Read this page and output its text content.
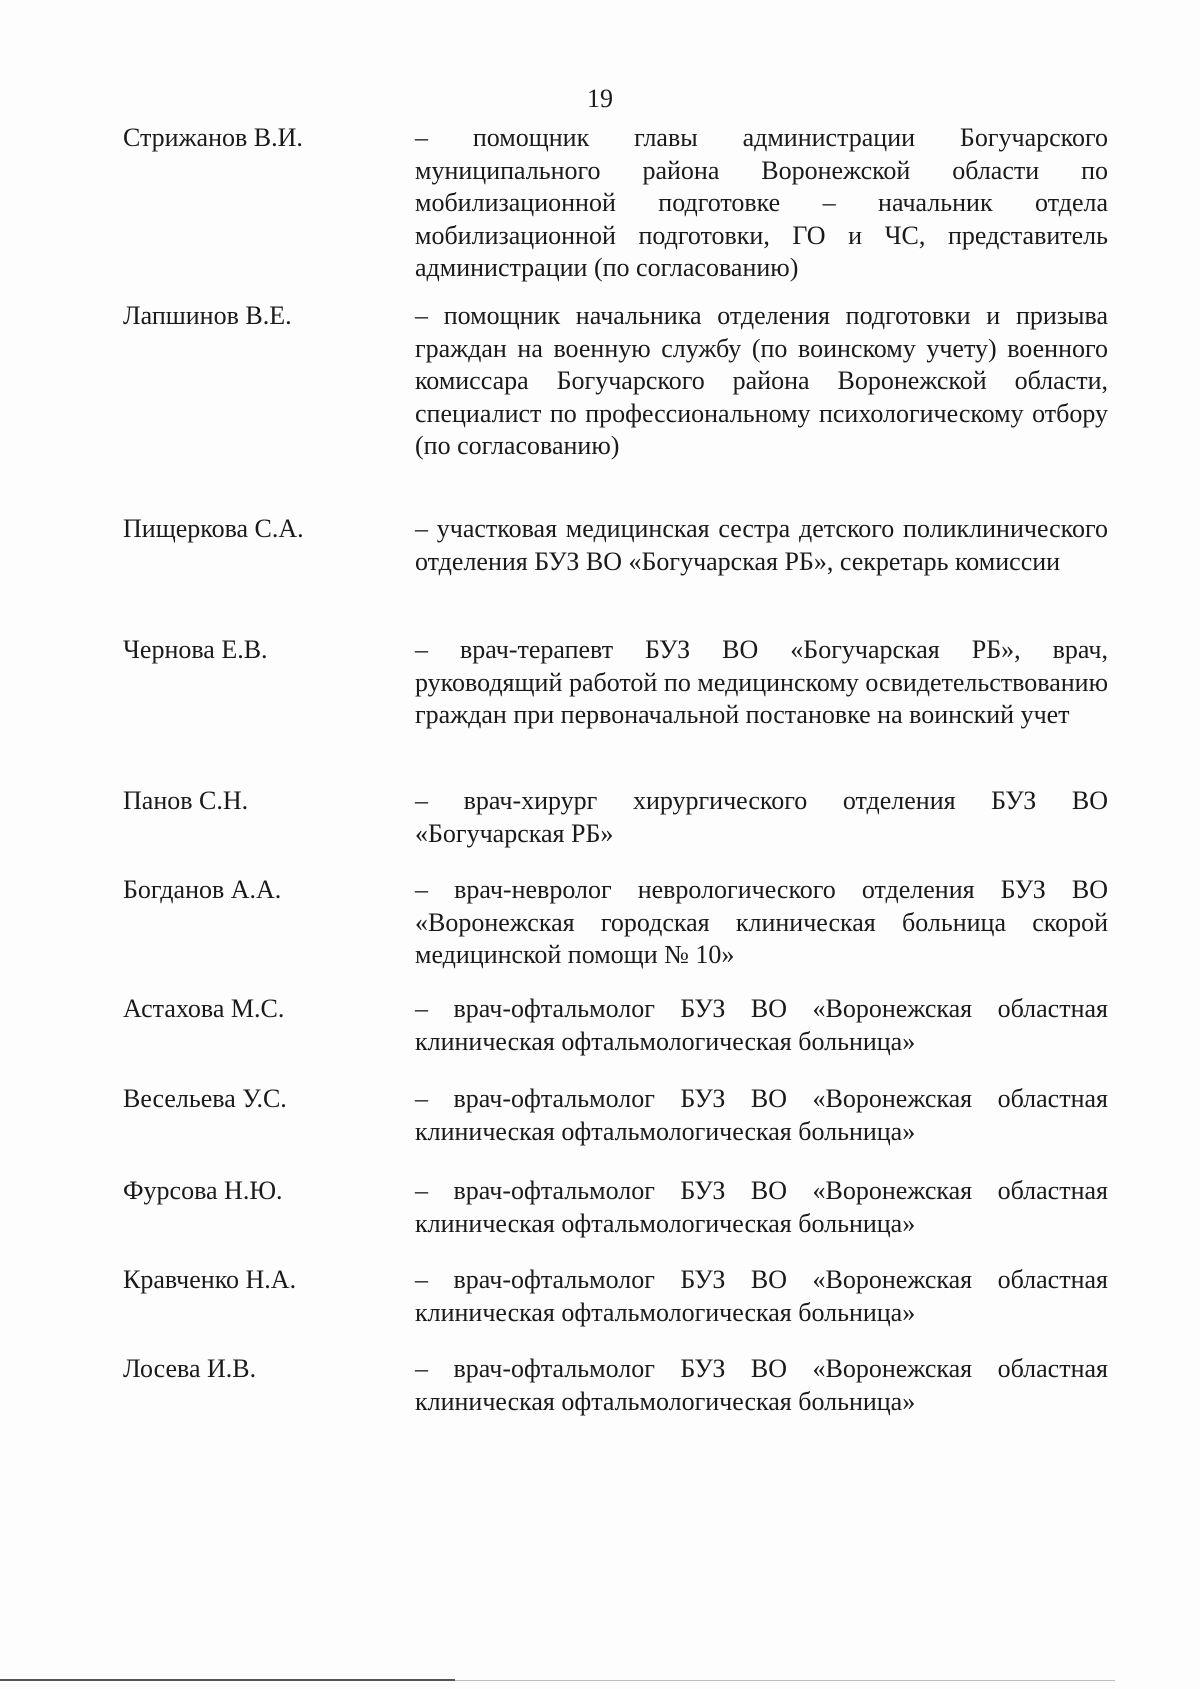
19
Стрижанов В.И.	– помощник главы администрации Богучарского муниципального района Воронежской области по мобилизационной подготовке – начальник отдела мобилизационной подготовки, ГО и ЧС, представитель администрации (по согласованию)
Лапшинов В.Е.	– помощник начальника отделения подготовки и призыва граждан на военную службу (по воинскому учету) военного комиссара Богучарского района Воронежской области, специалист по профессиональному психологическому отбору (по согласованию)
Пищеркова С.А.	– участковая медицинская сестра детского поликлинического отделения БУЗ ВО «Богучарская РБ», секретарь комиссии
Чернова Е.В.	– врач-терапевт БУЗ ВО «Богучарская РБ», врач, руководящий работой по медицинскому освидетельствованию граждан при первоначальной постановке на воинский учет
Панов С.Н.	– врач-хирург хирургического отделения БУЗ ВО «Богучарская РБ»
Богданов А.А.	– врач-невролог неврологического отделения БУЗ ВО «Воронежская городская клиническая больница скорой медицинской помощи № 10»
Астахова М.С.	– врач-офтальмолог БУЗ ВО «Воронежская областная клиническая офтальмологическая больница»
Весельева У.С.	– врач-офтальмолог БУЗ ВО «Воронежская областная клиническая офтальмологическая больница»
Фурсова Н.Ю.	– врач-офтальмолог БУЗ ВО «Воронежская областная клиническая офтальмологическая больница»
Кравченко Н.А.	– врач-офтальмолог БУЗ ВО «Воронежская областная клиническая офтальмологическая больница»
Лосева И.В.	– врач-офтальмолог БУЗ ВО «Воронежская областная клиническая офтальмологическая больница»
